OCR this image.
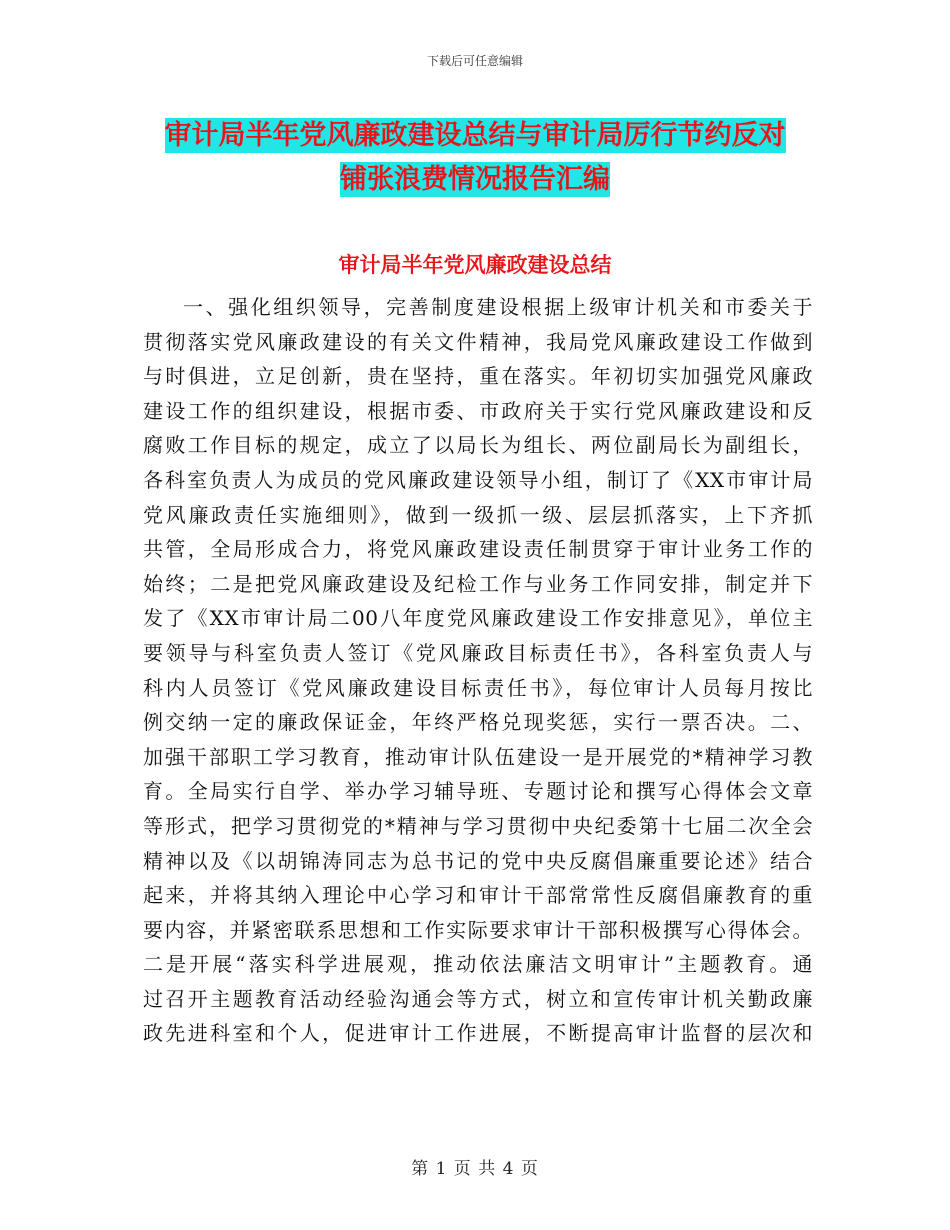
下载后可任意编辑
审计局半年党风廉政建设总结与审计局厉行节约反对
铺张浪费情况报告汇编
审计局半年党风廉政建设总结
一、强化组织领导，完善制度建设根据上级审计机关和市委关于
贯彻落实党风廉政建设的有关文件精神，我局党风廉政建设工作做到
与时俱进，立足创新，贵在坚持，重在落实。年初切实加强党风廉政
建设工作的组织建设，根据市委、市政府关于实行党风廉政建设和反
腐败工作目标的规定，成立了以局长为组长、两位副局长为副组长，
各科室负责人为成员的党风廉政建设领导小组，制订了《XX市审计局
党风廉政责任实施细则》，做到一级抓一级、层层抓落实，上下齐抓
共管，全局形成合力，将党风廉政建设责任制贯穿于审计业务工作的
始终；二是把党风廉政建设及纪检工作与业务工作同安排，制定并下
发了《XX市审计局二00八年度党风廉政建设工作安排意见》，单位主
要领导与科室负责人签订《党风廉政目标责任书》，各科室负责人与
科内人员签订《党风廉政建设目标责任书》，每位审计人员每月按比
例交纳一定的廉政保证金，年终严格兑现奖惩，实行一票否决。二、
加强干部职工学习教育，推动审计队伍建设一是开展党的*精神学习教
育。全局实行自学、举办学习辅导班、专题讨论和撰写心得体会文章
等形式，把学习贯彻党的*精神与学习贯彻中央纪委第十七届二次全会
精神以及《以胡锦涛同志为总书记的党中央反腐倡廉重要论述》结合
起来，并将其纳入理论中心学习和审计干部常常性反腐倡廉教育的重
要内容，并紧密联系思想和工作实际要求审计干部积极撰写心得体会。
二是开展“落实科学进展观，推动依法廉洁文明审计”主题教育。通
过召开主题教育活动经验沟通会等方式，树立和宣传审计机关勤政廉
政先进科室和个人，促进审计工作进展，不断提高审计监督的层次和
第 1 页 共 4 页
